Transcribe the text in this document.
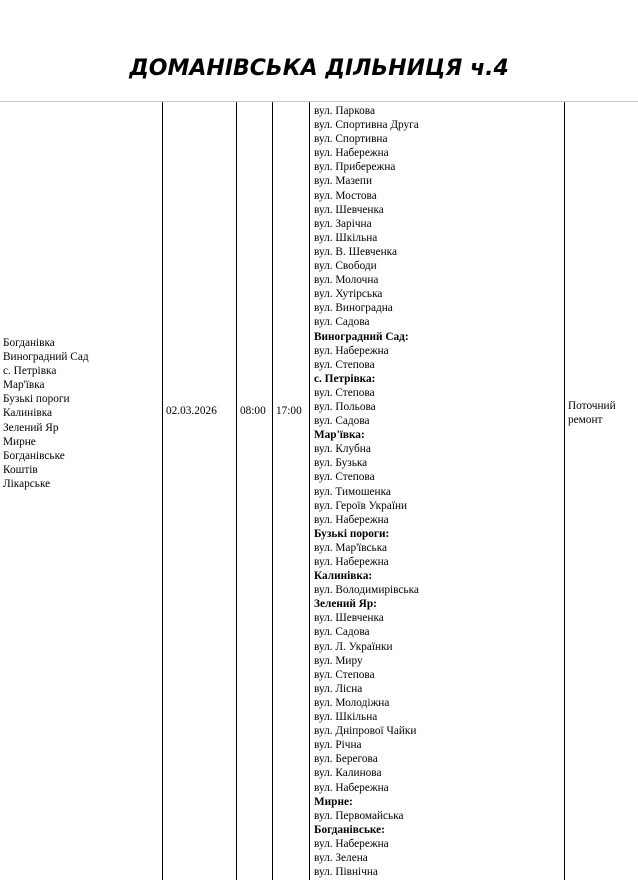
ДОМАНІВСЬКА ДІЛЬНИЦЯ ч.4
Богданівка
Виноградний Сад
с. Петрівка
Мар'ївка
Бузькі пороги
Калинівка
Зелений Яр
Мирне
Богданівське
Коштів
Лікарське
02.03.2026 08:00 17:00
вул. Паркова
вул. Спортивна Друга
вул. Спортивна
вул. Набережна
вул. Прибережна
вул. Мазепи
вул. Мостова
вул. Шевченка
вул. Зарічна
вул. Шкільна
вул. В. Шевченка
вул. Свободи
вул. Молочна
вул. Хутірська
вул. Виноградна
вул. Садова
Виноградний Сад:
вул. Набережна
вул. Степова
с. Петрівка:
вул. Степова
вул. Польова
вул. Садова
Мар'ївка:
вул. Клубна
вул. Бузька
вул. Степова
вул. Тимошенка
вул. Героїв України
вул. Набережна
Бузькі пороги:
вул. Мар'ївська
вул. Набережна
Калинівка:
вул. Володимирівська
Зелений Яр:
вул. Шевченка
вул. Садова
вул. Л. Українки
вул. Миру
вул. Степова
вул. Лісна
вул. Молодіжна
вул. Шкільна
вул. Дніпрової Чайки
вул. Річна
вул. Берегова
вул. Калинова
вул. Набережна
Мирне:
вул. Первомайська
Богданівське:
вул. Набережна
вул. Зелена
вул. Північна
Поточний
ремонт
